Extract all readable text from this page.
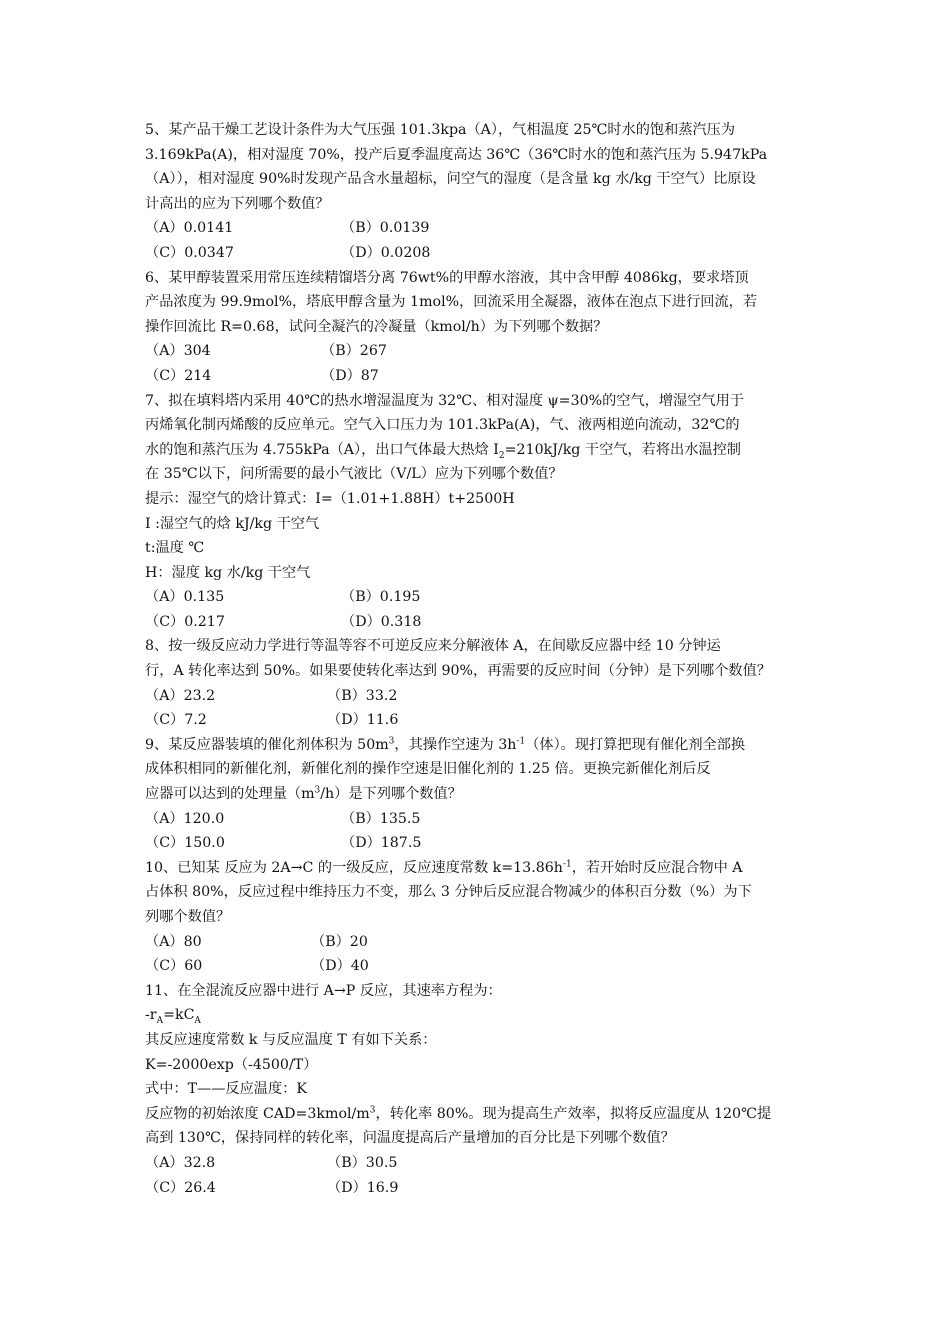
5、某产品干燥工艺设计条件为大气压强 101.3kpa（A），气相温度 25℃时水的饱和蒸汽压为
3.169kPa(A)，相对湿度 70%，投产后夏季温度高达 36℃（36℃时水的饱和蒸汽压为 5.947kPa
（A）），相对湿度 90%时发现产品含水量超标，问空气的湿度（是含量 kg 水/kg 干空气）比原设
计高出的应为下列哪个数值？
（A）0.0141	（B）0.0139
（C）0.0347	（D）0.0208
6、某甲醇装置采用常压连续精馏塔分离 76wt%的甲醇水溶液，其中含甲醇 4086kg，要求塔顶
产品浓度为 99.9mol%，塔底甲醇含量为 1mol%，回流采用全凝器，液体在泡点下进行回流，若
操作回流比 R=0.68，试问全凝汽的冷凝量（kmol/h）为下列哪个数据？
（A）304	（B）267
（C）214	（D）87
7、拟在填料塔内采用 40℃的热水增湿温度为 32℃、相对湿度 ψ=30%的空气，增湿空气用于
丙烯氧化制丙烯酸的反应单元。空气入口压力为 101.3kPa(A)，气、液两相逆向流动，32℃的
水的饱和蒸汽压为 4.755kPa（A），出口气体最大热焓 $I_2=210kJ/kg$ 干空气，若将出水温控制
在 35℃以下，问所需要的最小气液比（V/L）应为下列哪个数值？
提示：湿空气的焓计算式：I=（1.01+1.88H）t+2500H
I :湿空气的焓 kJ/kg 干空气
t:温度 ℃
H：湿度 kg 水/kg 干空气
（A）0.135	（B）0.195
（C）0.217	（D）0.318
8、按一级反应动力学进行等温等容不可逆反应来分解液体 A，在间歇反应器中经 10 分钟运
行，A 转化率达到 50%。如果要使转化率达到 90%，再需要的反应时间（分钟）是下列哪个数值？
（A）23.2	（B）33.2
（C）7.2	（D）11.6
9、某反应器装填的催化剂体积为 $50m^3$，其操作空速为 $3h^{-1}$（体）。现打算把现有催化剂全部换
成体积相同的新催化剂，新催化剂的操作空速是旧催化剂的 1.25 倍。更换完新催化剂后反
应器可以达到的处理量$(m^3/h)$是下列哪个数值？
（A）120.0	（B）135.5
（C）150.0	（D）187.5
10、已知某 反应为 2A→C 的一级反应，反应速度常数 $k=13.86h^{-1}$，若开始时反应混合物中 A
占体积 80%，反应过程中维持压力不变，那么 3 分钟后反应混合物减少的体积百分数（%）为下
列哪个数值？
（A）80	（B）20
（C）60	（D）40
11、在全混流反应器中进行 A→P 反应，其速率方程为：
$-r_A=kC_A$
其反应速度常数 k 与反应温度 T 有如下关系：
K=-2000exp（-4500/T）
式中：T——反应温度：K
反应物的初始浓度 $CAD=3kmol/m^3$，转化率 80%。现为提高生产效率，拟将反应温度从 120℃提
高到 130℃，保持同样的转化率，问温度提高后产量增加的百分比是下列哪个数值？
（A）32.8	（B）30.5
（C）26.4	（D）16.9
